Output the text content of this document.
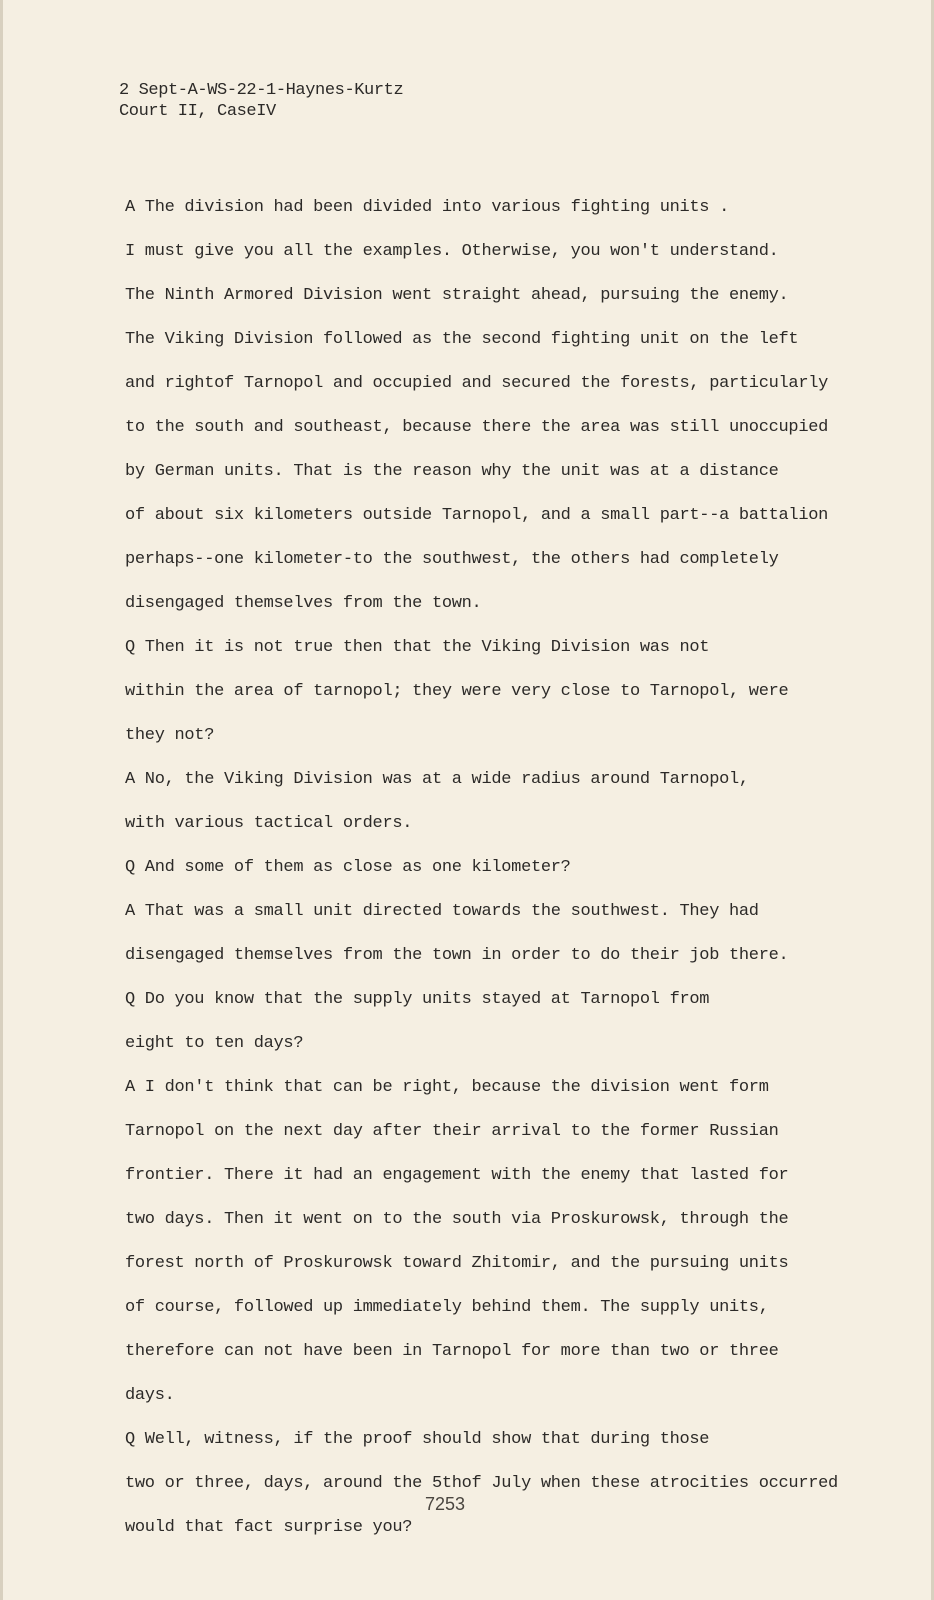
2 Sept-A-WS-22-1-Haynes-Kurtz
Court II, CaseIV
A The division had been divided into various fighting units .
I must give you all the examples. Otherwise, you won't understand.
The Ninth Armored Division went straight ahead, pursuing the enemy.
The Viking Division followed as the second fighting unit on the left
and rightof Tarnopol and occupied and secured the forests, particularly
to the south and southeast, because there the area was still unoccupied
by German units. That is the reason why the unit was at a distance
of about six kilometers outside Tarnopol, and a small part--a battalion
perhaps--one kilometer-to the southwest, the others had completely
disengaged themselves from the town.
Q Then it is not true then that the Viking Division was not
within the area of tarnopol; they were very close to Tarnopol, were
they not?
A No, the Viking Division was at a wide radius around Tarnopol,
with various tactical orders.
Q And some of them as close as one kilometer?
A That was a small unit directed towards the southwest. They had
disengaged themselves from the town in order to do their job there.
Q Do you know that the supply units stayed at Tarnopol from
eight to ten days?
A I don't think that can be right, because the division went form
Tarnopol on the next day after their arrival to the former Russian
frontier. There it had an engagement with the enemy that lasted for
two days. Then it went on to the south via Proskurowsk, through the
forest north of Proskurowsk toward Zhitomir, and the pursuing units
of course, followed up immediately behind them. The supply units,
therefore can not have been in Tarnopol for more than two or three
days.
Q Well, witness, if the proof should show that during those
two or three, days, around the 5thof July when these atrocities occurred
would that fact surprise you?
7253
